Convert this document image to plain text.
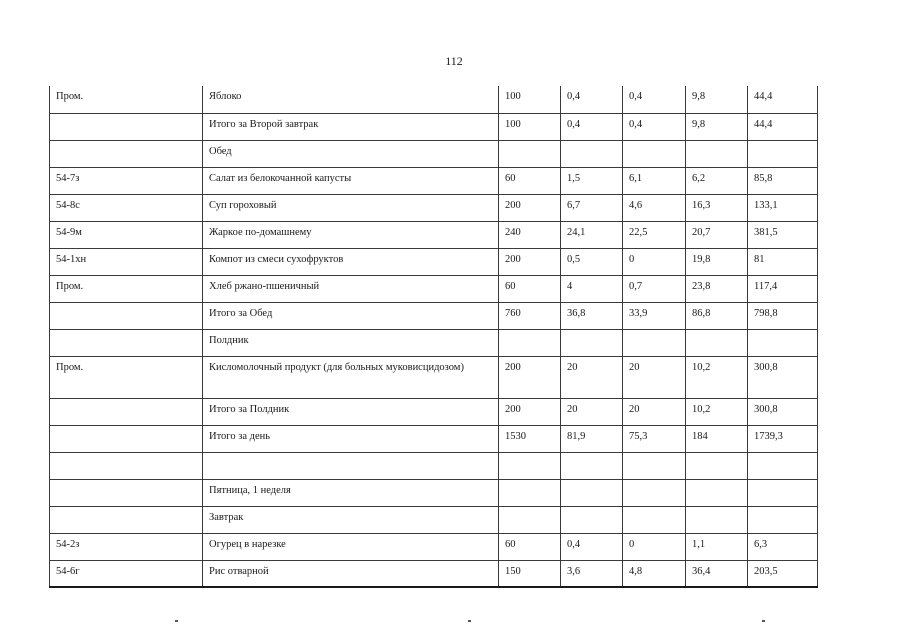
112
Пром.	Яблоко	100	0,4	0,4	9,8	44,4
	Итого за Второй завтрак	100	0,4	0,4	9,8	44,4
	Обед					
54-7з	Салат из белокочанной капусты	60	1,5	6,1	6,2	85,8
54-8с	Суп гороховый	200	6,7	4,6	16,3	133,1
54-9м	Жаркое по-домашнему	240	24,1	22,5	20,7	381,5
54-1хн	Компот из смеси сухофруктов	200	0,5	0	19,8	81
Пром.	Хлеб ржано-пшеничный	60	4	0,7	23,8	117,4
	Итого за Обед	760	36,8	33,9	86,8	798,8
	Полдник					
Пром.	Кисломолочный продукт (для больных муковисцидозом)	200	20	20	10,2	300,8
	Итого за Полдник	200	20	20	10,2	300,8
	Итого за день	1530	81,9	75,3	184	1739,3

	Пятница, 1 неделя					
	Завтрак					
54-2з	Огурец в нарезке	60	0,4	0	1,1	6,3
54-6г	Рис отварной	150	3,6	4,8	36,4	203,5
